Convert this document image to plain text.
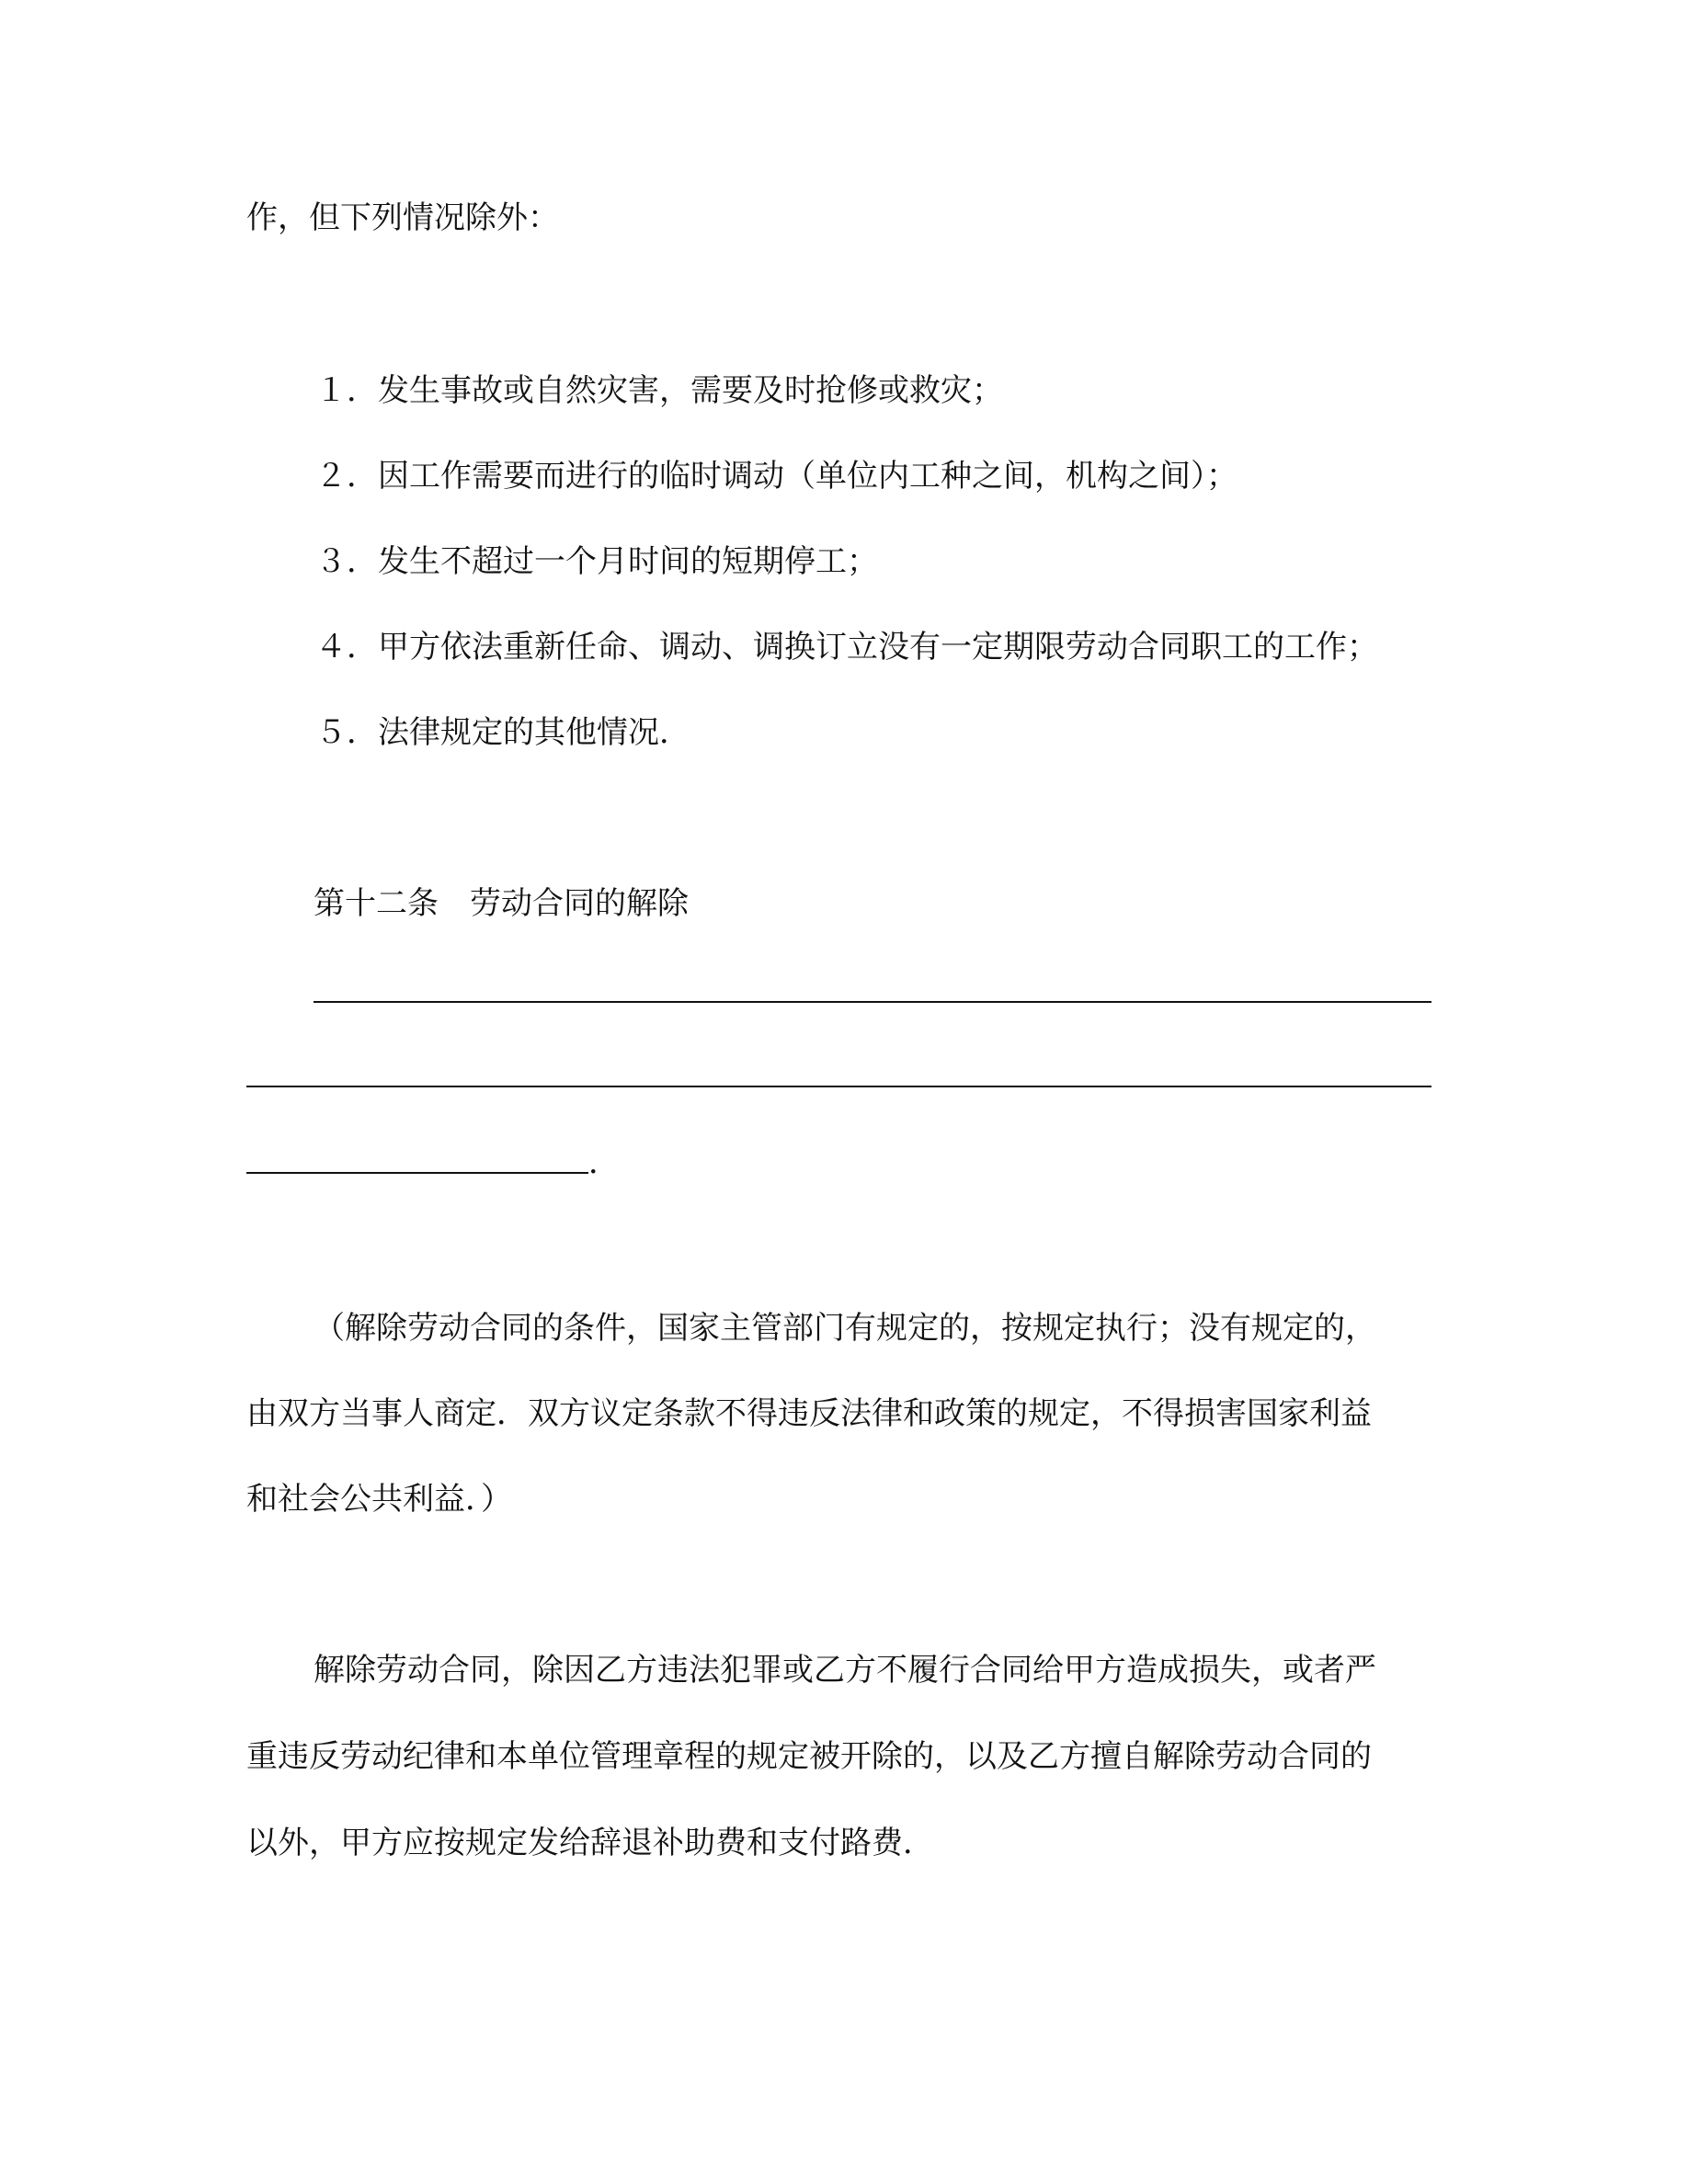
作，但下列情况除外：

１．发生事故或自然灾害，需要及时抢修或救灾；

２．因工作需要而进行的临时调动（单位内工种之间，机构之间）；

３．发生不超过一个月时间的短期停工；

４．甲方依法重新任命、调动、调换订立没有一定期限劳动合同职工的工作；

５．法律规定的其他情况．

第十二条　劳动合同的解除

．

（解除劳动合同的条件，国家主管部门有规定的，按规定执行；没有规定的，

由双方当事人商定．双方议定条款不得违反法律和政策的规定，不得损害国家利益

和社会公共利益．）

解除劳动合同，除因乙方违法犯罪或乙方不履行合同给甲方造成损失，或者严

重违反劳动纪律和本单位管理章程的规定被开除的，以及乙方擅自解除劳动合同的

以外，甲方应按规定发给辞退补助费和支付路费．
